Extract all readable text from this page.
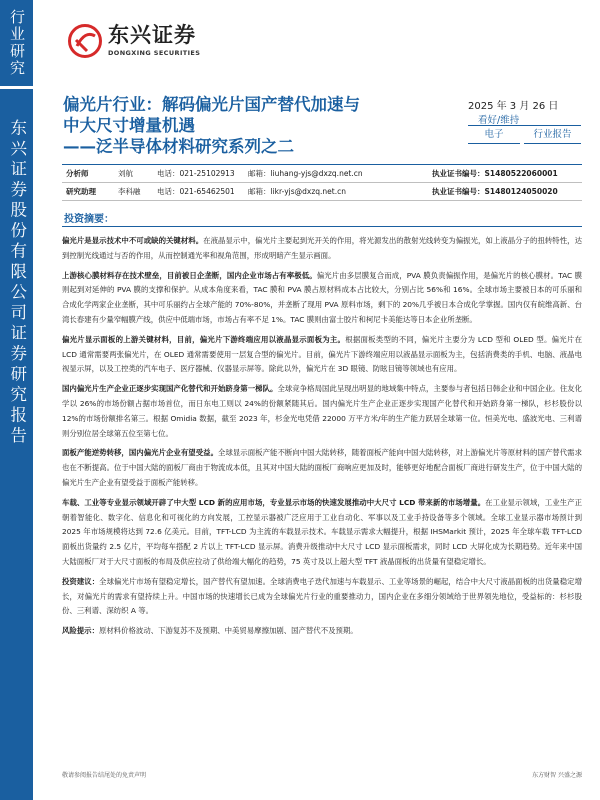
行业研究
东兴证券股份有限公司证券研究报告
东兴证券
DONGXING SECURITIES
偏光片行业：解码偏光片国产替代加速与
中大尺寸增量机遇
——泛半导体材料研究系列之二
2025 年 3 月 26 日
看好/维持
电子	行业报告
分析师	刘航	电话：021-25102913 邮箱：liuhang-yjs@dxzq.net.cn	执业证书编号：S1480522060001
研究助理	李科融 电话：021-65462501 邮箱：likr-yjs@dxzq.net.cn	执业证书编号：S1480124050020
投资摘要：

偏光片是显示技术中不可或缺的关键材料。在液晶显示中，偏光片主要起到光开关的作用，将光源发出的散射光线转变为偏振光，如上液晶分子的扭转特性，达到控制光线通过与否的作用，从而控制通光率和视角范围，形成明暗产生显示画面。

上游核心膜材料存在技术壁垒，目前被日企垄断，国内企业市场占有率极低。偏光片由多层膜复合而成，PVA 膜负责偏振作用，是偏光片的核心膜材。TAC 膜则起到对延伸的 PVA 膜的支撑和保护。从成本角度来看，TAC 膜和 PVA 膜占原材料成本占比较大，分别占比 56%和 16%。全球市场主要被日本的可乐丽和合成化学两家企业垄断，其中可乐丽约占全球产能的 70%-80%，并垄断了现用 PVA 原料市场，剩下的 20%几乎被日本合成化学掌握。国内仅有皖维高新、台湾长春建有少量窄幅膜产线，供应中低端市场，市场占有率不足 1%。TAC 膜则由富士胶片和柯尼卡美能达等日本企业所垄断。

偏光片显示面板的上游关键材料，目前，偏光片下游终端应用以液晶显示面板为主。根据面板类型的不同，偏光片主要分为 LCD 型和 OLED 型。偏光片在 LCD 通常需要两张偏光片，在 OLED 通常需要使用一层复合型的偏光片。目前，偏光片下游终端应用以液晶显示面板为主，包括消费类的手机、电脑、液晶电视显示屏，以及工控类的汽车电子、医疗器械、仪器显示屏等。除此以外，偏光片在 3D 眼镜、防眩目镜等领域也有应用。

国内偏光片生产企业正逐步实现国产化替代和开始跻身第一梯队。全球竞争格局国此呈现出明显的地域集中特点，主要参与者包括日韩企业和中国企业。住友化学以 26%的市场份额占据市场首位，而日东电工则以 24%的份额紧随其后。国内偏光片生产企业正逐步实现国产化替代和开始跻身第一梯队，杉杉股份以 12%的市场份额排名第三。根据 Omidia 数据，截至 2023 年，杉金光电凭借 22000 万平方米/年的生产能力跃居全球第一位。恒美光电、盛波光电、三利谱则分别位居全球第五位至第七位。

面板产能逆势转移，国内偏光片企业有望受益。全球显示面板产能不断向中国大陆转移，随着面板产能向中国大陆转移，对上游偏光片等原材料的国产替代需求也在不断提高。位于中国大陆的面板厂商由于物流成本低，且其对中国大陆的面板厂商响应更加及时，能够更好地配合面板厂商进行研发生产，位于中国大陆的偏光片生产企业有望受益于面板产能转移。

车载、工业等专业显示领域开辟了中大型 LCD 新的应用市场，专业显示市场的快速发展推动中大尺寸 LCD 带来新的市场增量。在工业显示领域，工业生产正朝着智能化、数字化、信息化和可视化的方向发展，工控显示器被广泛应用于工业自动化、军事以及工业手持设备等多个领域。全球工业显示器市场预计到 2025 年市场规模将达到 72.6 亿美元。目前，TFT-LCD 为主流的车载显示技术。车载显示需求大幅提升，根据 IHSMarkit 预计，2025 年全球车载 TFT-LCD 面板出货量约 2.5 亿片，平均每车搭配 2 片以上 TFT-LCD 显示屏。消费升级推动中大尺寸 LCD 显示面板需求，同时 LCD 大屏化成为长期趋势。近年来中国大陆面板厂对于大尺寸面板的布局及供应拉动了供给端大幅化的趋势，75 英寸及以上超大型 TFT 液晶面板的出货量有望稳定增长。

投资建议：全球偏光片市场有望稳定增长，国产替代有望加速。全球消费电子迭代加速与车载显示、工业等场景的崛起，结合中大尺寸液晶面板的出货量稳定增长，对偏光片的需求有望持续上升。中国市场的快速增长已成为全球偏光片行业的重要推动力，国内企业在多细分领域给于世界领先地位，受益标的：杉杉股份、三利谱、深纺织 A 等。

风险提示：原材料价格波动、下游复苏不及预期、中美贸易摩擦加剧、国产替代不及预期。

敬请参阅报告结尾处的免责声明	东方财智 兴盛之源
